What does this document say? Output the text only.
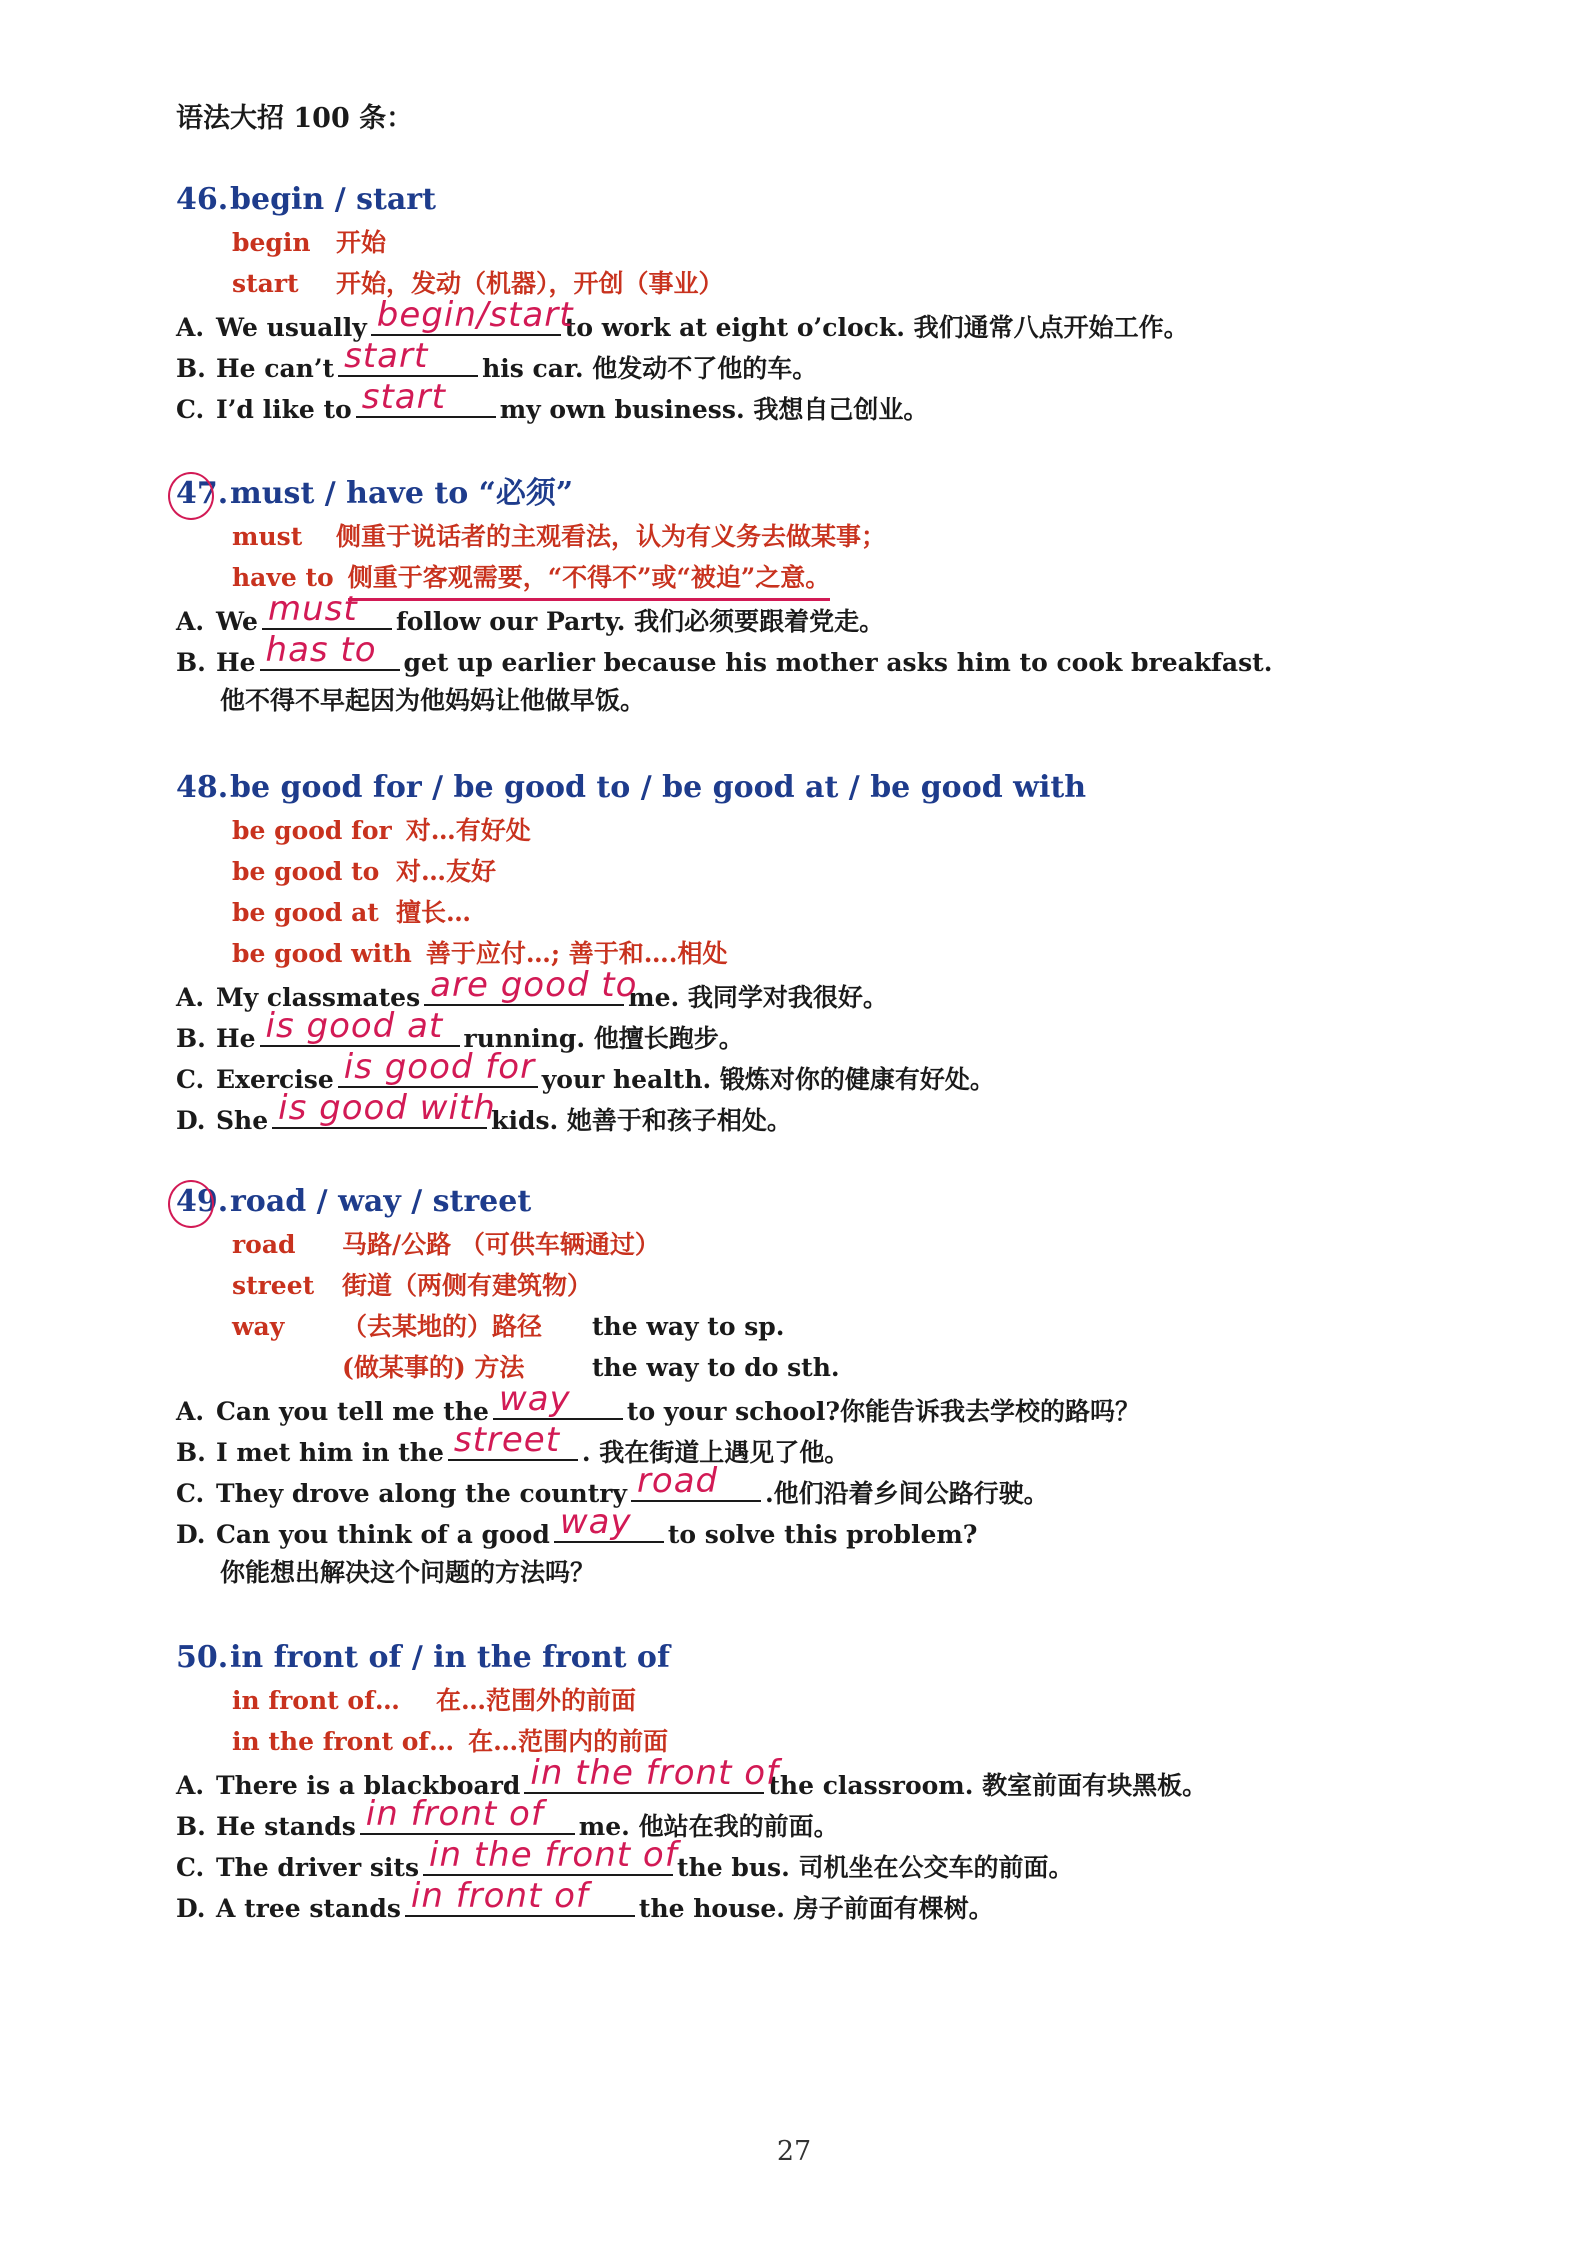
语法大招 100 条：
46.begin / start
begin 开始
start 开始，发动（机器），开创（事业）
A. We usually begin/start
to work at eight o’clock. 我们通常八点开始工作。
B. He can’t start his car. 他发动不了他的车。
C. I’d like to start my own business. 我想自己创业。
47.must / have to “必须”
must 侧重于说话者的主观看法，认为有义务去做某事；
have to 侧重于客观需要，“不得不”或“被迫”之意。
A. We must follow our Party. 我们必须要跟着党走。
B. He has to get up earlier because his mother asks him to cook breakfast.
他不得不早起因为他妈妈让他做早饭。
48.be good for / be good to / be good at / be good with
be good for 对…有好处
be good to 对…友好
be good at 擅长…
be good with 善于应付…; 善于和….相处
A. My classmates are good to
me. 我同学对我很好。
B. He is good at running. 他擅长跑步。
C. Exercise is good for your health. 锻炼对你的健康有好处。
D. She is good with
kids. 她善于和孩子相处。
49.road / way / street
road 马路/公路 （可供车辆通过）
street 街道（两侧有建筑物）
way （去某地的）路径 the way to sp.
(做某事的) 方法	the way to do sth.
A. Can you tell me the way to your school?你能告诉我去学校的路吗？
B. I met him in the street . 我在街道上遇见了他。
C. They drove along the country road .他们沿着乡间公路行驶。
D. Can you think of a good way to solve this problem?
你能想出解决这个问题的方法吗？
50.in front of / in the front of
in front of… 在…范围外的前面
in the front of… 在…范围内的前面
A. There is a blackboard in the front of
the classroom. 教室前面有块黑板。
B. He stands in front of me. 他站在我的前面。
C. The driver sits in the front of the bus. 司机坐在公交车的前面。
D. A tree stands in front of the house. 房子前面有棵树。
27
